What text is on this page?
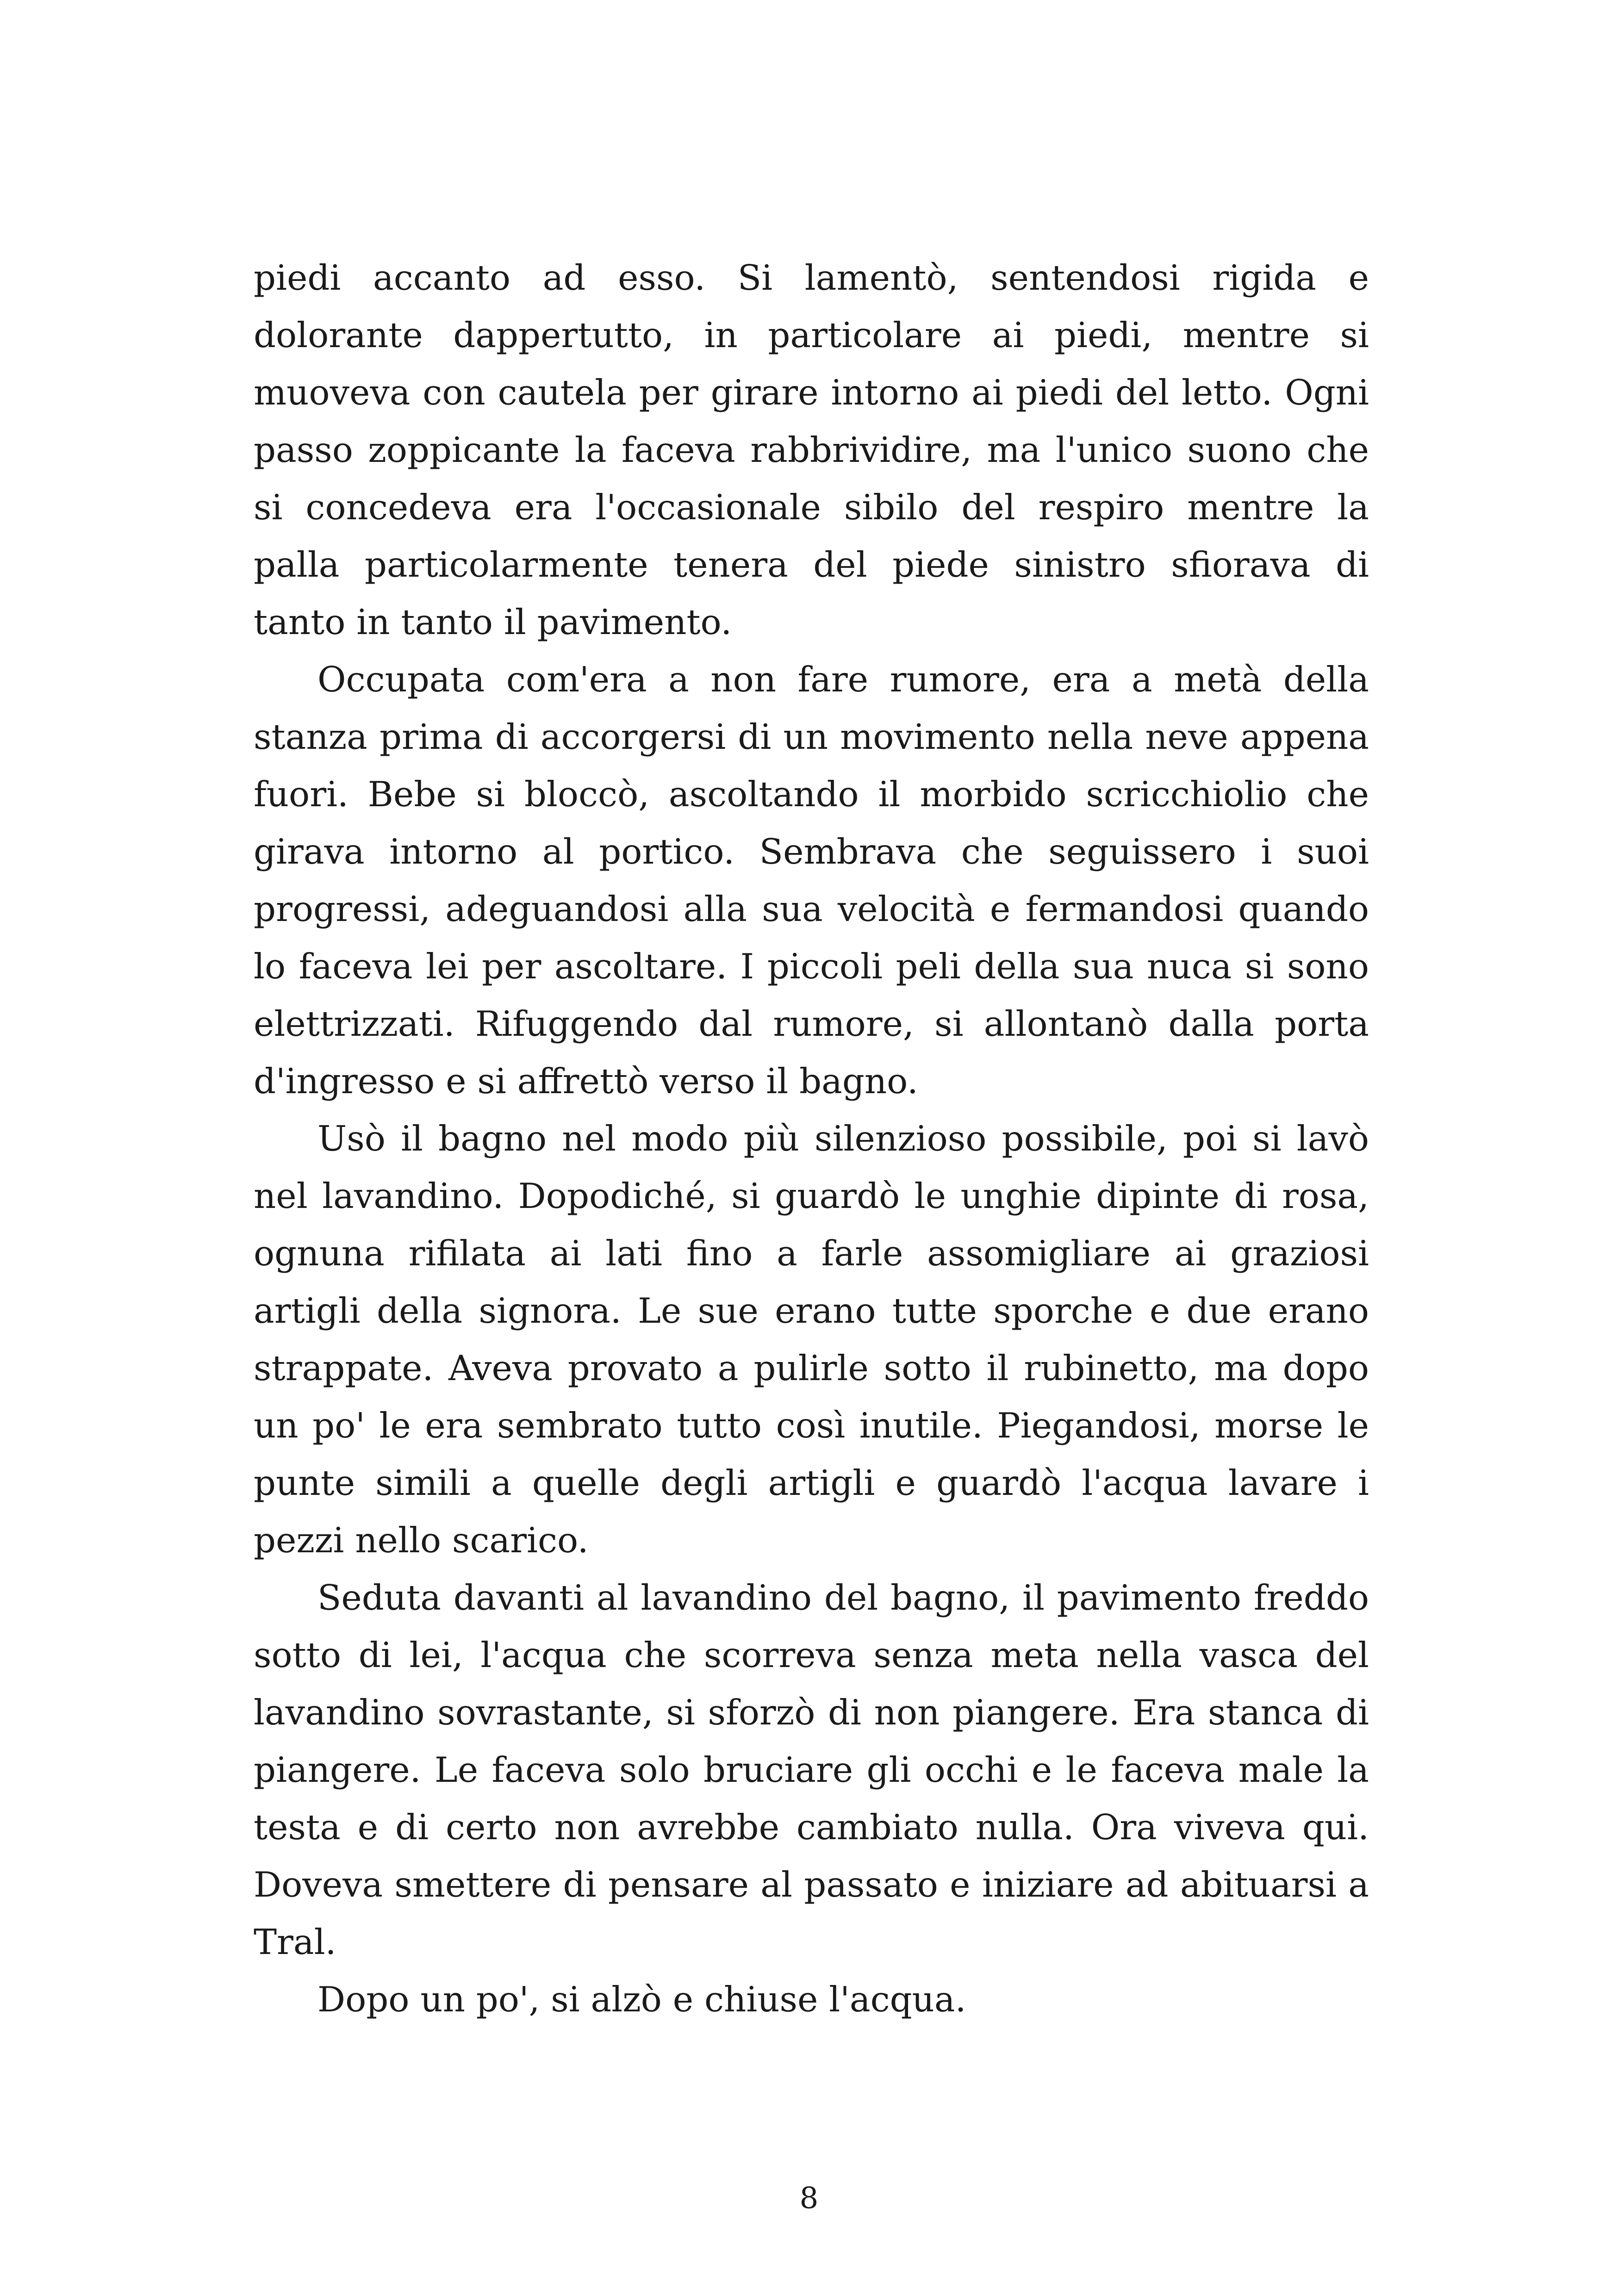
piedi accanto ad esso. Si lamentò, sentendosi rigida e dolorante dappertutto, in particolare ai piedi, mentre si muoveva con cautela per girare intorno ai piedi del letto. Ogni passo zoppicante la faceva rabbrividire, ma l'unico suono che si concedeva era l'occasionale sibilo del respiro mentre la palla particolarmente tenera del piede sinistro sfiorava di tanto in tanto il pavimento.

Occupata com'era a non fare rumore, era a metà della stanza prima di accorgersi di un movimento nella neve appena fuori. Bebe si bloccò, ascoltando il morbido scricchiolio che girava intorno al portico. Sembrava che seguissero i suoi progressi, adeguandosi alla sua velocità e fermandosi quando lo faceva lei per ascoltare. I piccoli peli della sua nuca si sono elettrizzati. Rifuggendo dal rumore, si allontanò dalla porta d'ingresso e si affrettò verso il bagno.

Usò il bagno nel modo più silenzioso possibile, poi si lavò nel lavandino. Dopodiché, si guardò le unghie dipinte di rosa, ognuna rifilata ai lati fino a farle assomigliare ai graziosi artigli della signora. Le sue erano tutte sporche e due erano strappate. Aveva provato a pulirle sotto il rubinetto, ma dopo un po' le era sembrato tutto così inutile. Piegandosi, morse le punte simili a quelle degli artigli e guardò l'acqua lavare i pezzi nello scarico.

Seduta davanti al lavandino del bagno, il pavimento freddo sotto di lei, l'acqua che scorreva senza meta nella vasca del lavandino sovrastante, si sforzò di non piangere. Era stanca di piangere. Le faceva solo bruciare gli occhi e le faceva male la testa e di certo non avrebbe cambiato nulla. Ora viveva qui. Doveva smettere di pensare al passato e iniziare ad abituarsi a Tral.

Dopo un po', si alzò e chiuse l'acqua.

8
